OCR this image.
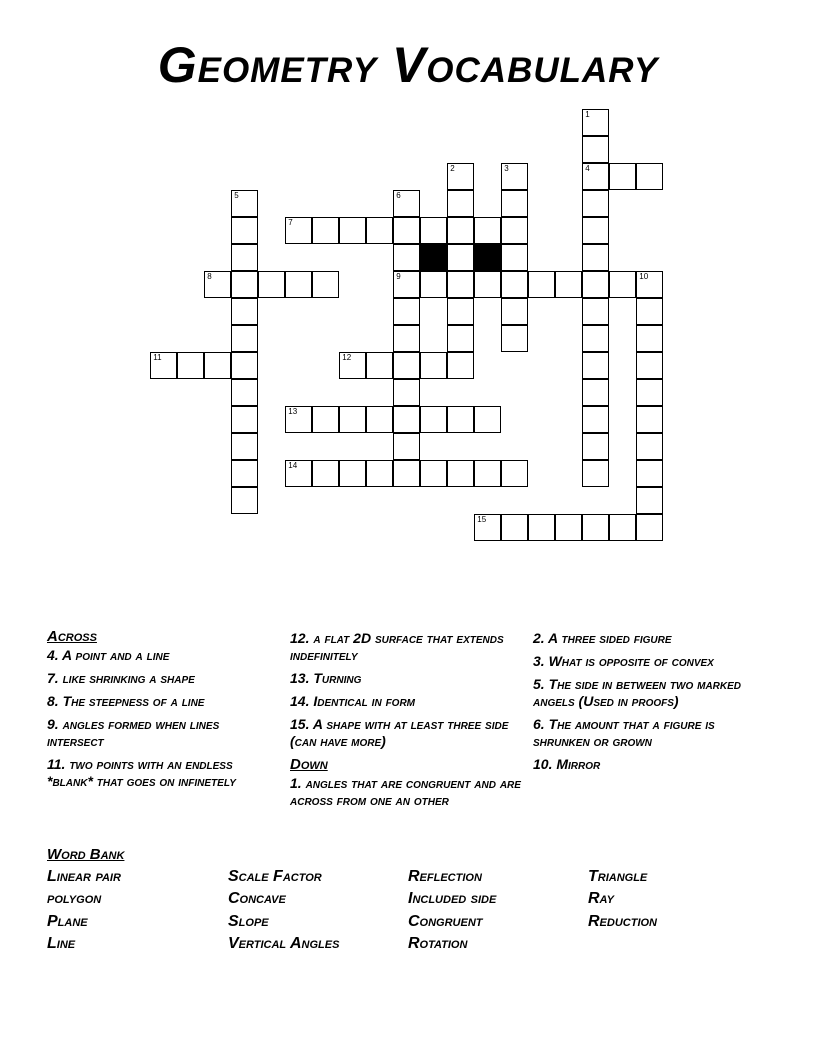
Geometry Vocabulary
1
4
2	3
5	6
9
7
8	10
11	12
13
14
15
Across
4. A point and a line
7. like shrinking a shape
8. The steepness of a line
9. angles formed when lines intersect
11. two points with an endless *blank* that goes on infinetely
12. a flat 2D surface that extends indefinitely
13. Turning
14. Identical in form
15. A shape with at least three side (can have more)
Down
1. angles that are congruent and are across from one an other
2. A three sided figure
3. What is opposite of convex
5. The side in between two marked angels (Used in proofs)
6. The amount that a figure is shrunken or grown
10. Mirror
Word Bank
Linear pair
polygon
Plane
Line
Scale Factor
Concave
Slope
Vertical Angles
Reflection
Included side
Congruent
Rotation
Triangle
Ray
Reduction
